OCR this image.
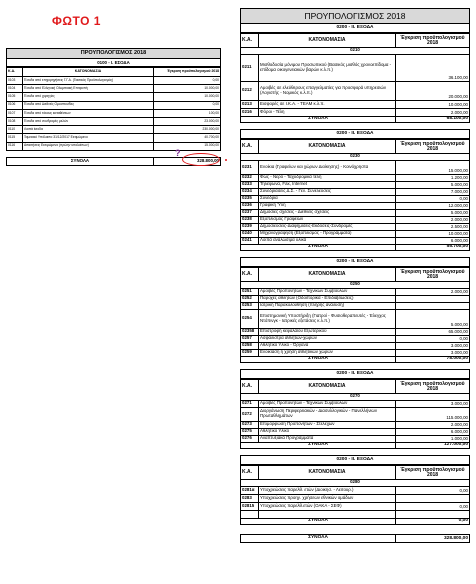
ΦΩΤΟ 1
ΠΡΟΥΠΟΛΟΓΙΣΜΟΣ 2018
0100 - Ι. ΕΣΟΔΑ
Κ.Α.	ΚΑΤΟΝΟΜΑΣΙΑ	Έγκριση προϋπολογισμού 2018
0103	Έσοδα από επιχορηγήσεις Γ.Γ.Α. (Τακτικός Προϋπολογισμός)	0,00
0104	Έσοδα από Ελληνική Ολυμπιακή Επιτροπή	10.000,00
0105	Έσοδα από χορηγίες	10.000,00
0106	Έσοδα από Διεθνείς Ομοσπονδίες	0,00
0107	Έσοδα από τόκους καταθέσεων	100,00
0108	Έσοδα από συνδρομές μελών	23.000,00
0110	Λοιπά έσοδα	230.000,00
0115	Ταμειακό Υπόλοιπο 31/12/2017 Εκτιμώμενο	40.700,00
0116	Απαιτήσεις Εκτιμώμενο (πρώην υπολοίπων)	15.000,00
ΣΥΝΟΛΑ	328.800,00
?
ΠΡΟΥΠΟΛΟΓΙΣΜΟΣ 2018
0200 - ΙΙ. ΕΞΟΔΑ
Κ.Α.	ΚΑΤΟΝΟΜΑΣΙΑ	Έγκριση προϋπολογισμού 2018
0210		
0211	Μισθοδοσία μόνιμου Προσωπικού (Βασικός μισθός χρονοεπίδομα - επίδομα οικογενειακών βαρών κ.λ.π.)	36.100,00
0212	Αμοιβές σε ελεύθερους επαγγελματίες για προσφορά υπηρεσιών (Λογιστής - Νομικός κ.λ.π.)	20.000,00
0213	Εισφορές σε Ι.Κ.Α. - ΤΕΑΜ κ.λ.π.	10.000,00
0216	Φόροι - Τέλη	2.000,00
ΣΥΝΟΛΑ		68.100,00
0200 - ΙΙ. ΕΞΟΔΑ
Κ.Α.	ΚΑΤΟΝΟΜΑΣΙΑ	Έγκριση προϋπολογισμού 2018
0230		
0231	Ενοίκια (Γραφείων και χώρων Διοίκησης) - Κοινόχρηστα	15.000,00
0232	Φως - Νερό - Ταχυδρομικά τέλη	1.200,00
0233	Τηλέφωνα, Fax, Internet	5.000,00
0234	Συνεδριάσεις Δ.Σ. - Γεν. Συνελεύσεις	7.000,00
0235	Συνέδρια	0,00
0236	Γραφική Ύλη	12.000,00
0237	Δημόσιες σχέσεις - Διεθνείς σχέσεις	5.000,00
0238	Εξοπλισμός Γραφείων	2.000,00
0239	Δημοσιεύσεις-Διαφημίσεις-Εκδόσεις-Συνδρομές	2.500,00
0240	Μηχανογράφηση (Εξοπλισμός - Προγράμματα)	10.000,00
0241	Λοιπά αναλώσιμα υλικά	6.000,00
ΣΥΝΟΛΑ		55.700,00
0200 - ΙΙ. ΕΞΟΔΑ
Κ.Α.	ΚΑΤΟΝΟΜΑΣΙΑ	Έγκριση προϋπολογισμού 2018
0250		
0251	Αμοιβές Προπονητών - Τεχνικών Συμβούλων	2.000,00
0252	Παροχές αθλητών (Οδοιπορικά - Επιδιαβιώσεις)	
0253	Ιατρική Παρακολούθηση (πλήρης ανάλυση)	
0254	Επιστημονική Υποστήριξη (Γιατροί - Φυσιοθεραπευτές - Έλεγχος Ντόπινγκ - Ιατρικές εξετάσεις κ.λ.π.)	5.000,00
02358	Επιστροφή κεφαλαίου Εξωτερικού	65.000,00
0257	Ασφάλιστρα αθλητών-χώρων	0,00
0258	Αθλητικό Υλικό - Όργανα	3.000,00
0259	Ενοικίαση ή χρήση αθλητικών χώρων	3.000,00
ΣΥΝΟΛΑ		78.000,00
0200 - ΙΙ. ΕΞΟΔΑ
Κ.Α.	ΚΑΤΟΝΟΜΑΣΙΑ	Έγκριση προϋπολογισμού 2018
0270		
0271	Αμοιβές Προπονητών - Τεχνικών Συμβούλων	3.000,00
0272	Διοργάνωση Περιφερειακών - Διασυλλογικών - Πανελλήνιων Πρωταθλημάτων	115.000,00
0273	Επιμόρφωση Προπονητών - Στελεχών	2.000,00
0275	Αθλητικό Υλικό	6.000,00
0276	Αναπτυξιακά Προγράμματα	1.000,00
ΣΥΝΟΛΑ		127.000,00
0200 - ΙΙ. ΕΞΟΔΑ
Κ.Α.	ΚΑΤΟΝΟΜΑΣΙΑ	Έγκριση προϋπολογισμού 2018
0280		
0281α	Υποχρεώσεις παρελθ. ετών (Διοικησ. - Λειτουρ.)	0,00
0283	Υποχρεώσεις προηγ. χρήσεων εθνικών ομάδων	
02815	Υποχρεώσεις παρελθ.ετών (ΟΑΚΑ - ΣΕΦ)	0,00

ΣΥΝΟΛΑ		0,00
ΣΥΝΟΛΑ	328.800,00
